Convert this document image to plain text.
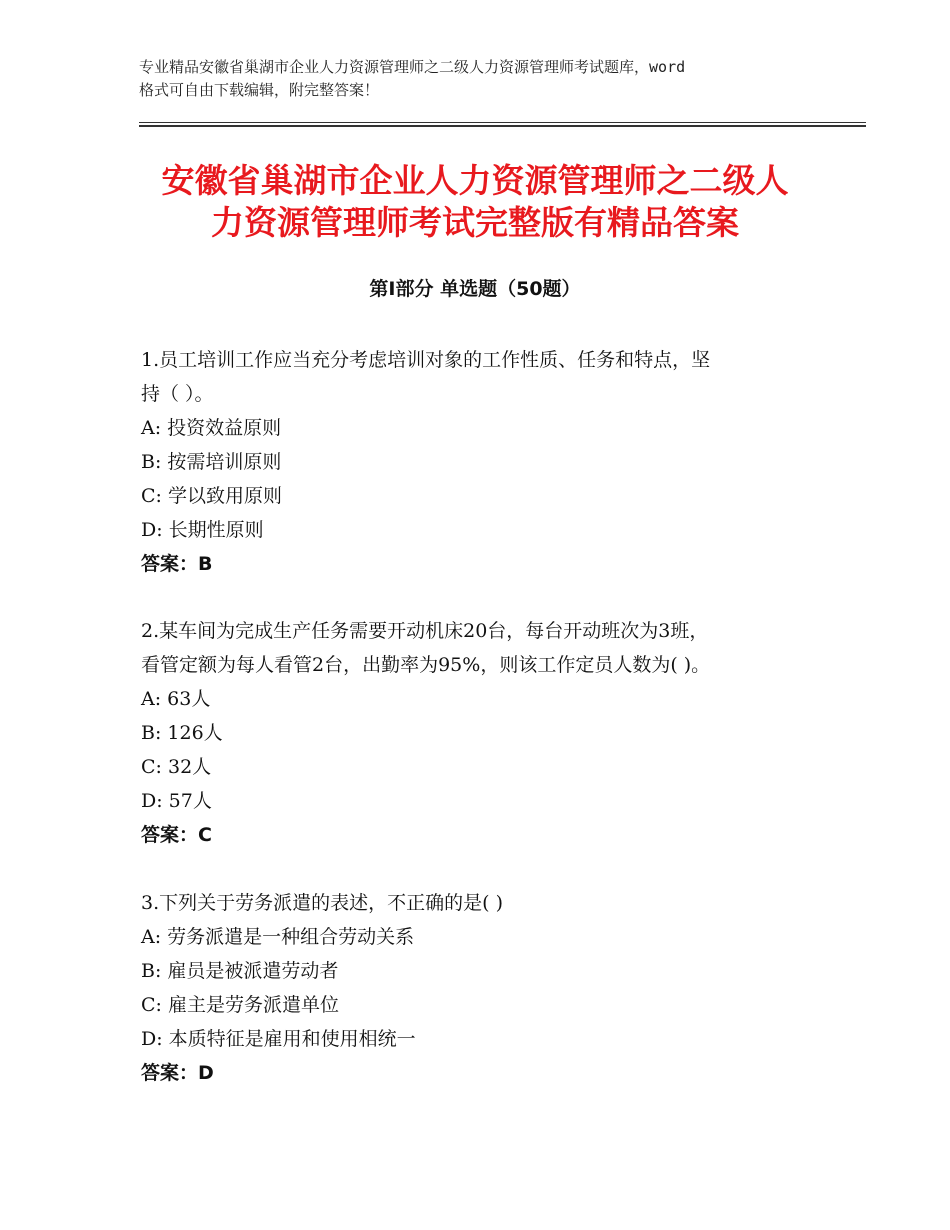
专业精品安徽省巢湖市企业人力资源管理师之二级人力资源管理师考试题库，word
格式可自由下载编辑，附完整答案！
安徽省巢湖市企业人力资源管理师之二级人
力资源管理师考试完整版有精品答案
第Ⅰ部分 单选题（50题）
1.员工培训工作应当充分考虑培训对象的工作性质、任务和特点，坚
持（ ）。
A: 投资效益原则
B: 按需培训原则
C: 学以致用原则
D: 长期性原则
答案：B
2.某车间为完成生产任务需要开动机床20台，每台开动班次为3班，
看管定额为每人看管2台，出勤率为95%，则该工作定员人数为( )。
A: 63人
B: 126人
C: 32人
D: 57人
答案：C
3.下列关于劳务派遣的表述，不正确的是( )
A: 劳务派遣是一种组合劳动关系
B: 雇员是被派遣劳动者
C: 雇主是劳务派遣单位
D: 本质特征是雇用和使用相统一
答案：D
